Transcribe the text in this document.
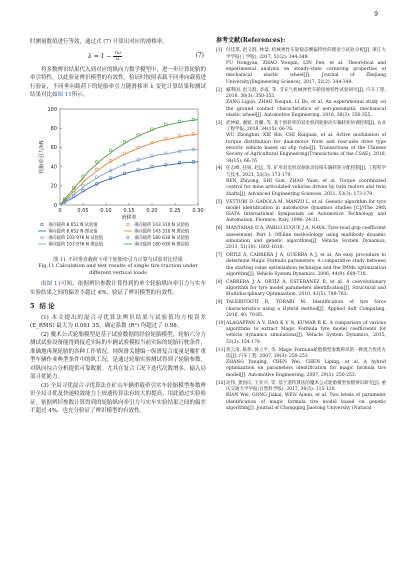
9

时测量数值进行等效，通过式 (7) 计算出对应的滑移率。

$\lambda = 1 - \frac{r\omega}{u}$	(7)

将多数辨识结果代入到对应的纵向力数学模型中，进一步计算轮胎的牵引特性，以此验证辨识模型的有效性。验证时按照表载不同垂向载荷进行验证，不同垂向载荷下的轮胎牵引力随滑移率 λ 变化计算结果和测试结果对比如图 11所示。

0	0.05 0.10 0.15 0.20 0.25 0.30
0
20
40
60
80
100
滑移率
轮胎牵引力/kN
垂向载荷 8 652 N 试验值	垂向载荷 143 310 N 试验值
垂向载荷 8 652 N 理论值	垂向载荷 143 310 N 理论值
垂向载荷 103 976 N 试验值	垂向载荷 180 630 N 试验值
垂向载荷 103 976 N 理论值	垂向载荷 180 630 N 理论值

图 11 不同垂直载荷下单个轮胎牵引力计算与试验对比结果

Fig.11 Calculation and test results of single tire traction under different vertical loads

由图 11可知，依据辨识参数计算得到的单个轮胎纵向牵引力与实车实验结果之间的偏差不超过 4%，验证了辨识模型的有效性。

5 结 论

(1) 本文提出的混合寻优算法辨识结果与试验值均方根误差 (E_RMS) 最大为 0.081 35，确定系数 (R²) 均超过了 0.98。

(2) 魔术公式轮胎模型是基于试验数据的经验轮胎模型，轮胎六分力测试试验设备能得到接近实际的车辆试验模拟当前实际的轮胎行驶条件，准确地再现轮胎的各种工作情况。纯纵滑关键编一纵滑复合度量是魔扩重型车辆作业典型条件中的纵工况，是通过轮胎实验测试得到了轮胎参数，对纵向综合分析提供可靠数据。尤其在复合工况下迭代次数增多，输入局部寻优能力。

(3) 全局寻优混合寻优算法在矿山车辆重载牵引实车轮胎模型参数辨识全局寻优及快速收敛能力上较遗传算法有较大的提高。用此通过实验验证，依据辨识参数计算得到的轮胎纵向牵引力与实车实验结果之间的偏差不超过 4%，也充分验证了辨识模型的有效性。

参考文献(References):
[1] 付佳琪, 赵又群, 林棻. 机械弹性车轮稳态侧偏特性的理论与试验分析[J]. 浙江大学学报(工学版), 2017, 51(2): 344-349.
FU Hongyan, ZHAO Youqun, LIN Fen, et al. Theoretical and experimental analysis on steady-state cornering properties of mechanical elastic wheel[J]. Journal of Zhejiang University(Engineering Science), 2017, 51(2): 344-349.
[2] 臧利国, 赵又群, 李波, 等. 非充气机械弹性车轮接地特性试验研究[J]. 汽车工程, 2016, 38(3): 350-355.
ZANG Liguo, ZHAO Youqun, LI Bo, et al. An experimental study on the ground contact characteristics of non-pneumatic mechanical elastic wheel[J]. Automotive Engineering, 2016, 38(3): 350-355.
[3] 武仲斌, 谢斌, 肖璐, 等. 基于滑转率的双电机四轮驱动车辆转矩协调控制[J]. 农业工程学报, 2018, 34(15): 66-76.
WU Zhongbin, XIE Bin, CHI Ruiguan, et al. Active modulation of torque distribution for dual-motor front and rear-axle drive type electric vehicle based on slip ratio[J]. Transactions of the Chinese Society of Agricultural Engineering(Transactions of the CSAE), 2018, 34(15): 66-76.
[4] 任志峰, 任锐, 赵远, 等. 矿用双电机双驱驱动铰接车辆转矩分配控制[J]. 工程科学与技术, 2021, 53(3): 173-179.
REN Zhiyong, SHI Gon, ZHAO Yuan, et al. Torque coordinated control for mine articulated vehicles driven by twin motors and twin shafts[J]. Advanced Engineering Sciences, 2021, 53(3): 173-179.
[5] VETTURI D, GADOLA M, MANZO L, et al. Genetic algorithm for tyre model identification in automotive dynamics studies [C]//The 29th ISATA International Symposium on Automotive Technology and Automation, Florence. Italy, 1996: 24-31.
[6] MANTARAS D A, PABLO LUQUE J A, NAVA. Tyre-road grip coefficient assessment. Part I: Off-line methodology using multibody dynamic simulation and genetic algorithms[J]. Vehicle System Dynamics, 2013, 51(10): 1603-1618.
[7] ORTIZ A, CABRERA J A, GUERRA A J, et al. An easy procedure to determine Magic Formula parameters: A comparative study between the starting value optimization technique and the IMMa optimization algorithm[J]. Vehicle System Dynamics, 2006, 44(9): 689-718.
[8] CABRERA J A, ORTIZ A, ESTEBANEZ B, et al. A coevolutionary algorithm for tyre model parameters identification[J]. Structural and Multidisciplinary Optimization, 2010, 41(5): 749-763.
[9] TALEBITOOTI R, TORABI M. Identification of tire force characteristics using a Hybrid method[J]. Applied Soft Computing, 2016, 40: 70-85.
[10] ALAGAPPAN A V, RAO K V N, KUMAR R K. A comparison of various algorithms to extract Magic Formula tyre model coefficients for vehicle dynamics simulations[J]. Vehicle System Dynamics, 2015, 53(2): 154-178.
[11] 蒋云清, 陈伟, 陈立平, 等. Magic Formula轮胎模型参数辨识的一种混合优化方法[J]. 汽车工程, 2007, 29(3): 250-253.
ZHANG Yunqing, CHEN Wei, CHEN Liping, et al. A hybrid optimization on parameters identification for magic formula tire model[J]. Automotive Engineering, 2007, 29(3): 250-253.
[12] 边伟, 龚国庆, 王亚兴, 等. 基于遗传算法的魔术公式轮胎模型参数辨识研究[J]. 重庆交通大学学报(自然科学版), 2017, 36(5): 115-120.
BIAN Wei, GONG Jiakai, WEN Aimin, et al. Two levels of parameter identification of magic formula tire model based on genetic algorithm[J]. Journal of Chongqing Jiaotong University (Natural
